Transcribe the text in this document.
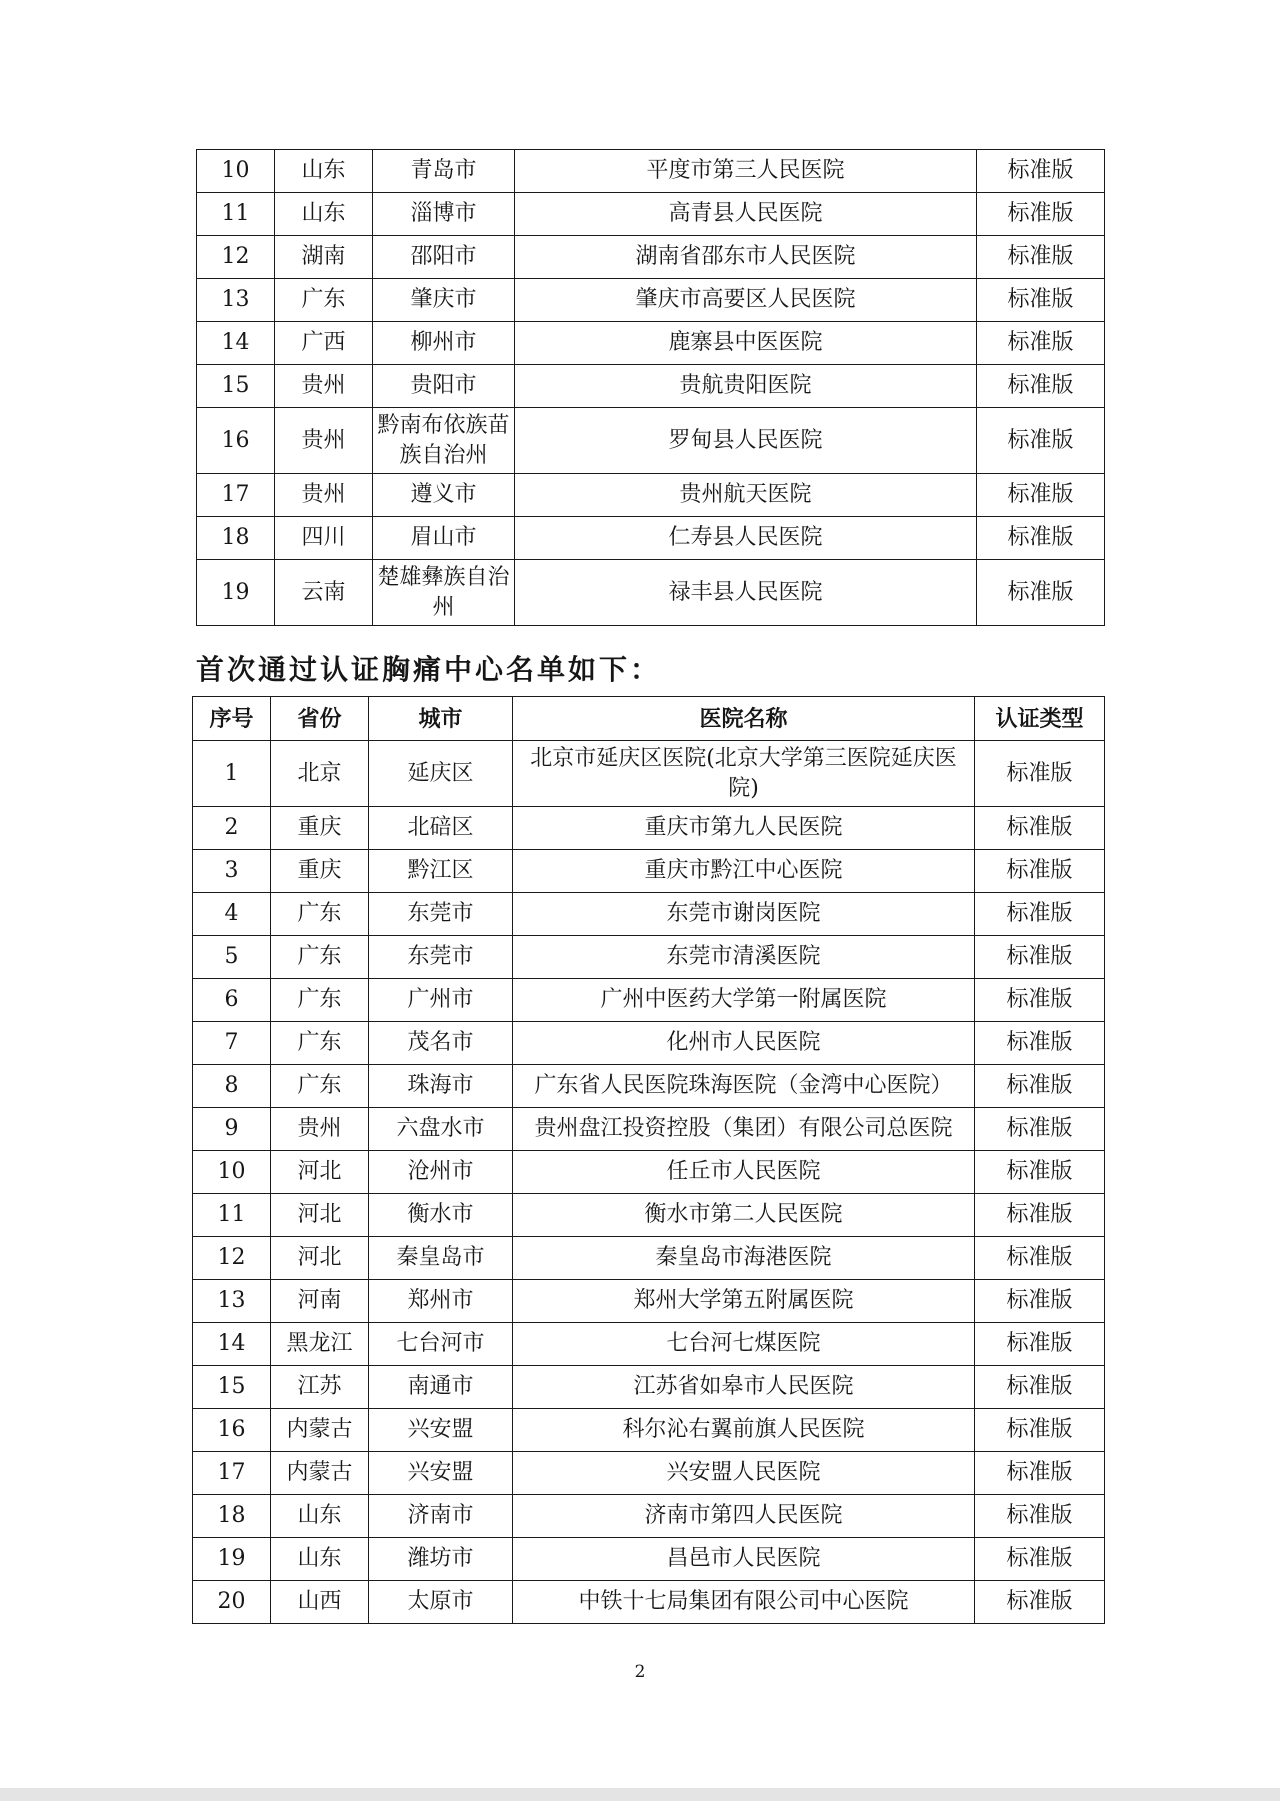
10	山东	青岛市	平度市第三人民医院	标准版
11	山东	淄博市	高青县人民医院	标准版
12	湖南	邵阳市	湖南省邵东市人民医院	标准版
13	广东	肇庆市	肇庆市高要区人民医院	标准版
14	广西	柳州市	鹿寨县中医医院	标准版
15	贵州	贵阳市	贵航贵阳医院	标准版
16	贵州	黔南布依族苗族自治州	罗甸县人民医院	标准版
17	贵州	遵义市	贵州航天医院	标准版
18	四川	眉山市	仁寿县人民医院	标准版
19	云南	楚雄彝族自治州	禄丰县人民医院	标准版
首次通过认证胸痛中心名单如下：
序号	省份	城市	医院名称	认证类型
1	北京	延庆区	北京市延庆区医院(北京大学第三医院延庆医院)	标准版
2	重庆	北碚区	重庆市第九人民医院	标准版
3	重庆	黔江区	重庆市黔江中心医院	标准版
4	广东	东莞市	东莞市谢岗医院	标准版
5	广东	东莞市	东莞市清溪医院	标准版
6	广东	广州市	广州中医药大学第一附属医院	标准版
7	广东	茂名市	化州市人民医院	标准版
8	广东	珠海市	广东省人民医院珠海医院（金湾中心医院）	标准版
9	贵州	六盘水市	贵州盘江投资控股（集团）有限公司总医院	标准版
10	河北	沧州市	任丘市人民医院	标准版
11	河北	衡水市	衡水市第二人民医院	标准版
12	河北	秦皇岛市	秦皇岛市海港医院	标准版
13	河南	郑州市	郑州大学第五附属医院	标准版
14	黑龙江	七台河市	七台河七煤医院	标准版
15	江苏	南通市	江苏省如皋市人民医院	标准版
16	内蒙古	兴安盟	科尔沁右翼前旗人民医院	标准版
17	内蒙古	兴安盟	兴安盟人民医院	标准版
18	山东	济南市	济南市第四人民医院	标准版
19	山东	潍坊市	昌邑市人民医院	标准版
20	山西	太原市	中铁十七局集团有限公司中心医院	标准版
2
